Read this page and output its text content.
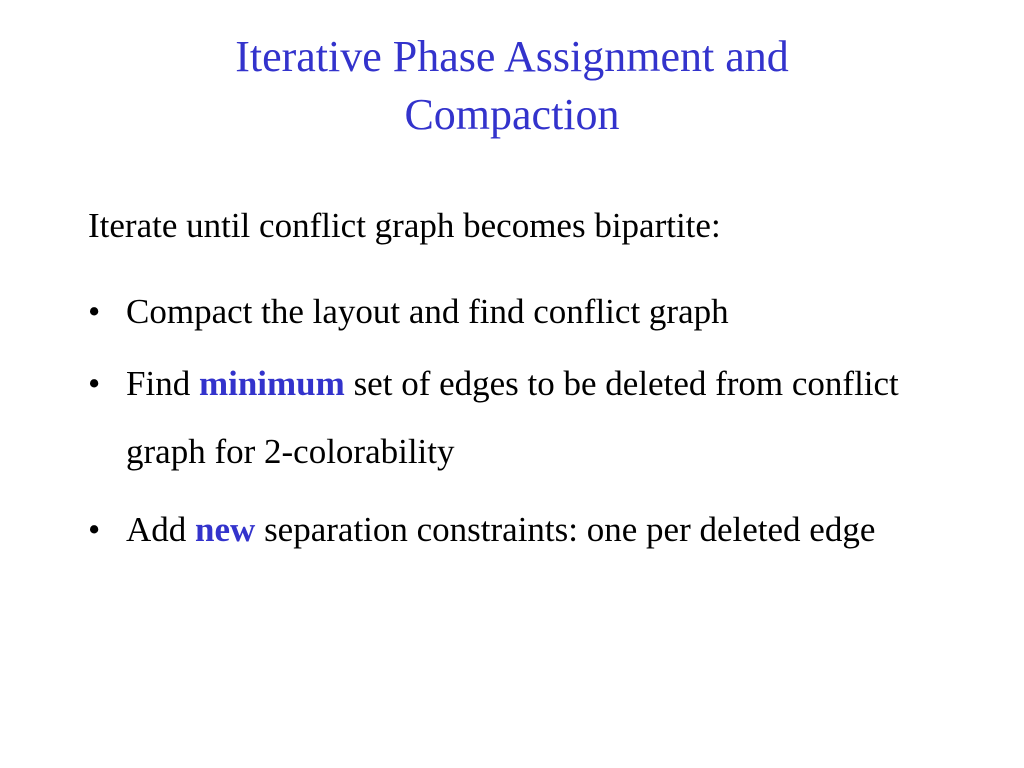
Iterative Phase Assignment and
Compaction

Iterate until conflict graph becomes bipartite:

• Compact the layout and find conflict graph
• Find minimum set of edges to be deleted from conflict graph for 2-colorability
• Add new separation constraints: one per deleted edge
